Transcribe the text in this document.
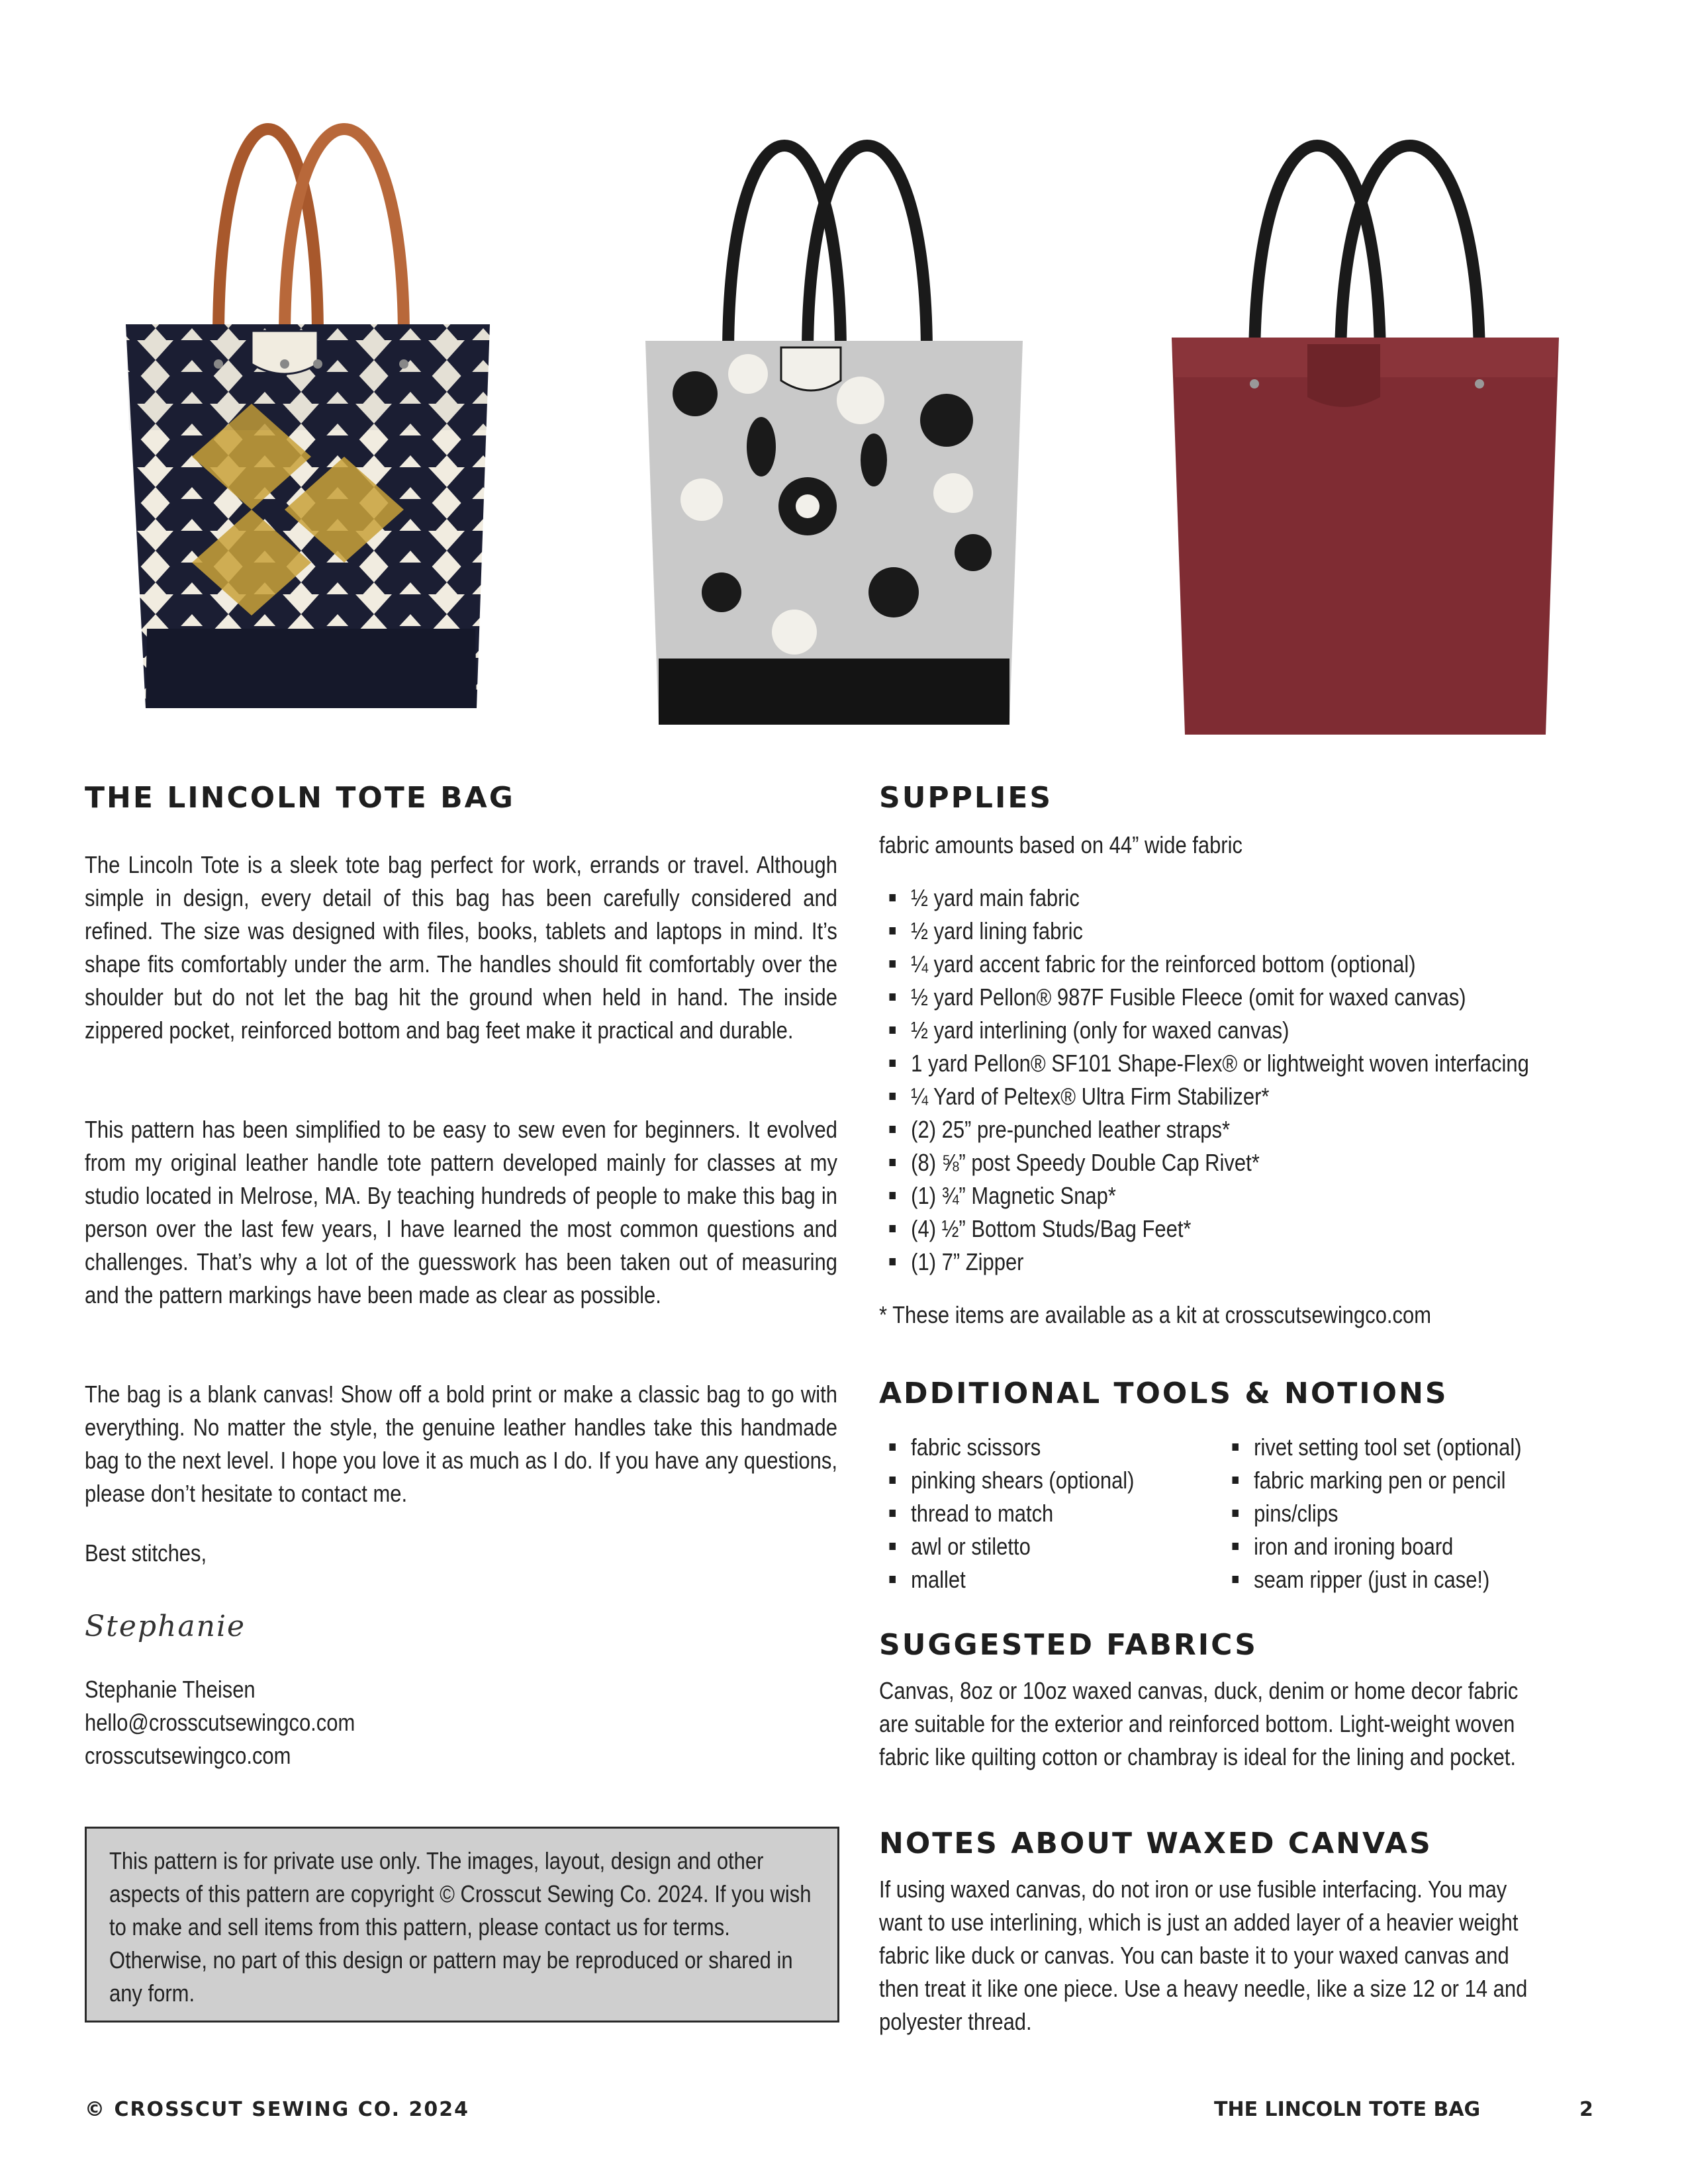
THE LINCOLN TOTE BAG

The Lincoln Tote is a sleek tote bag perfect for work, errands or travel. Although simple in design, every detail of this bag has been carefully considered and refined. The size was designed with files, books, tablets and laptops in mind. It’s shape fits comfortably under the arm. The handles should fit comfortably over the shoulder but do not let the bag hit the ground when held in hand. The inside zippered pocket, reinforced bottom and bag feet make it practical and durable.

This pattern has been simplified to be easy to sew even for beginners. It evolved from my original leather handle tote pattern developed mainly for classes at my studio located in Melrose, MA. By teaching hundreds of people to make this bag in person over the last few years, I have learned the most common questions and challenges. That’s why a lot of the guesswork has been taken out of measuring and the pattern markings have been made as clear as possible.

The bag is a blank canvas! Show off a bold print or make a classic bag to go with everything. No matter the style, the genuine leather handles take this handmade bag to the next level. I hope you love it as much as I do. If you have any questions, please don’t hesitate to contact me.

Best stitches,

Stephanie

Stephanie Theisen
hello@crosscutsewingco.com
crosscutsewingco.com

This pattern is for private use only. The images, layout, design and other aspects of this pattern are copyright © Crosscut Sewing Co. 2024. If you wish to make and sell items from this pattern, please contact us for terms. Otherwise, no part of this design or pattern may be reproduced or shared in any form.

SUPPLIES

fabric amounts based on 44” wide fabric

½ yard main fabric
½ yard lining fabric
¼ yard accent fabric for the reinforced bottom (optional)
½ yard Pellon® 987F Fusible Fleece (omit for waxed canvas)
½ yard interlining (only for waxed canvas)
1 yard Pellon® SF101 Shape-Flex® or lightweight woven interfacing
¼ Yard of Peltex® Ultra Firm Stabilizer*
(2) 25” pre-punched leather straps*
(8) ⅝” post Speedy Double Cap Rivet*
(1) ¾” Magnetic Snap*
(4) ½” Bottom Studs/Bag Feet*
(1) 7” Zipper

* These items are available as a kit at crosscutsewingco.com

ADDITIONAL TOOLS & NOTIONS
fabric scissors
pinking shears (optional)
thread to match
awl or stiletto
mallet
rivet setting tool set (optional)
fabric marking pen or pencil
pins/clips
iron and ironing board
seam ripper (just in case!)
SUGGESTED FABRICS

Canvas, 8oz or 10oz waxed canvas, duck, denim or home decor fabric are suitable for the exterior and reinforced bottom. Light-weight woven fabric like quilting cotton or chambray is ideal for the lining and pocket.

NOTES ABOUT WAXED CANVAS

If using waxed canvas, do not iron or use fusible interfacing. You may want to use interlining, which is just an added layer of a heavier weight fabric like duck or canvas. You can baste it to your waxed canvas and then treat it like one piece. Use a heavy needle, like a size 12 or 14 and polyester thread.

© CROSSCUT SEWING CO. 2024	THE LINCOLN TOTE BAG	2
